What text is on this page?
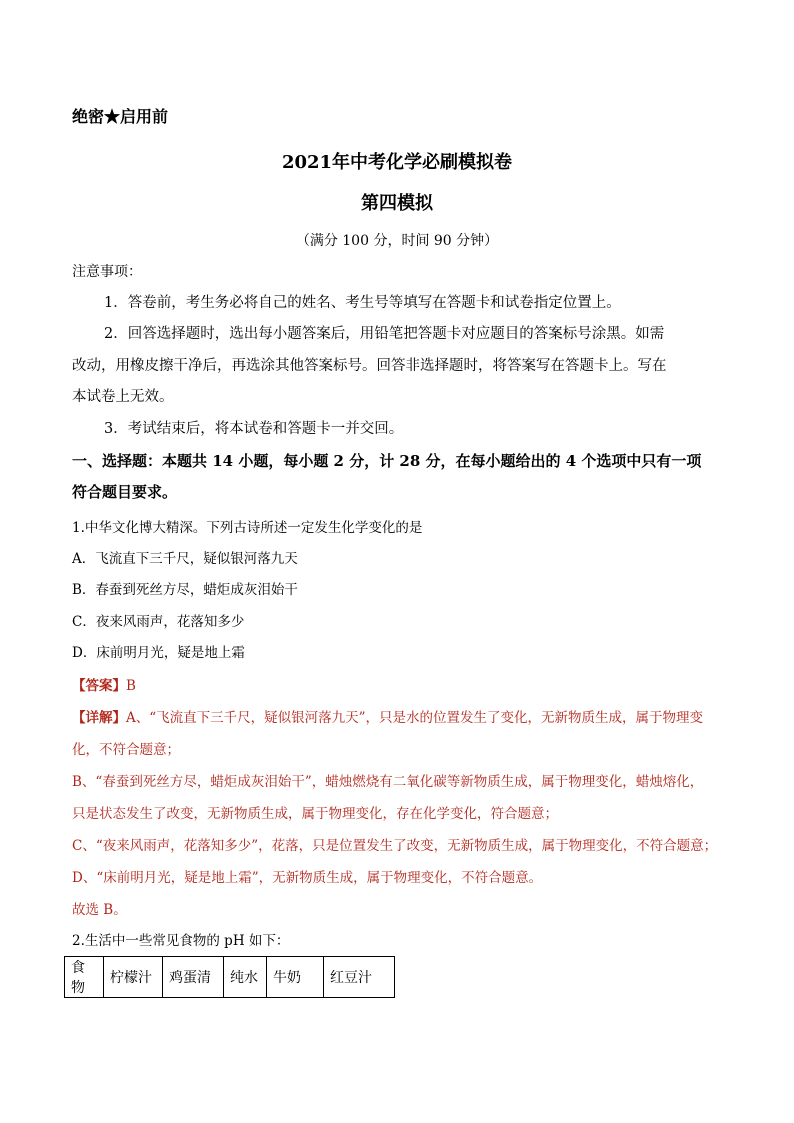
绝密★启用前
2021年中考化学必刷模拟卷
第四模拟
（满分 100 分，时间 90 分钟）
注意事项：
1．答卷前，考生务必将自己的姓名、考生号等填写在答题卡和试卷指定位置上。
2．回答选择题时，选出每小题答案后，用铅笔把答题卡对应题目的答案标号涂黑。如需
改动，用橡皮擦干净后，再选涂其他答案标号。回答非选择题时，将答案写在答题卡上。写在
本试卷上无效。
3．考试结束后，将本试卷和答题卡一并交回。
一、选择题：本题共 14 小题，每小题 2 分，计 28 分，在每小题给出的 4 个选项中只有一项
符合题目要求。
1.中华文化博大精深。下列古诗所述一定发生化学变化的是
A．飞流直下三千尺，疑似银河落九天
B．春蚕到死丝方尽，蜡炬成灰泪始干
C．夜来风雨声，花落知多少
D．床前明月光，疑是地上霜
【答案】B
【详解】A、“飞流直下三千尺，疑似银河落九天”，只是水的位置发生了变化，无新物质生成，属于物理变
化，不符合题意；
B、“春蚕到死丝方尽，蜡炬成灰泪始干”，蜡烛燃烧有二氧化碳等新物质生成，属于物理变化，蜡烛熔化，
只是状态发生了改变，无新物质生成，属于物理变化，存在化学变化，符合题意；
C、“夜来风雨声，花落知多少”，花落，只是位置发生了改变，无新物质生成，属于物理变化，不符合题意；
D、“床前明月光，疑是地上霜”，无新物质生成，属于物理变化，不符合题意。
故选 B。
2.生活中一些常见食物的 pH 如下：
食物	柠檬汁	鸡蛋清	纯水	牛奶	红豆汁
